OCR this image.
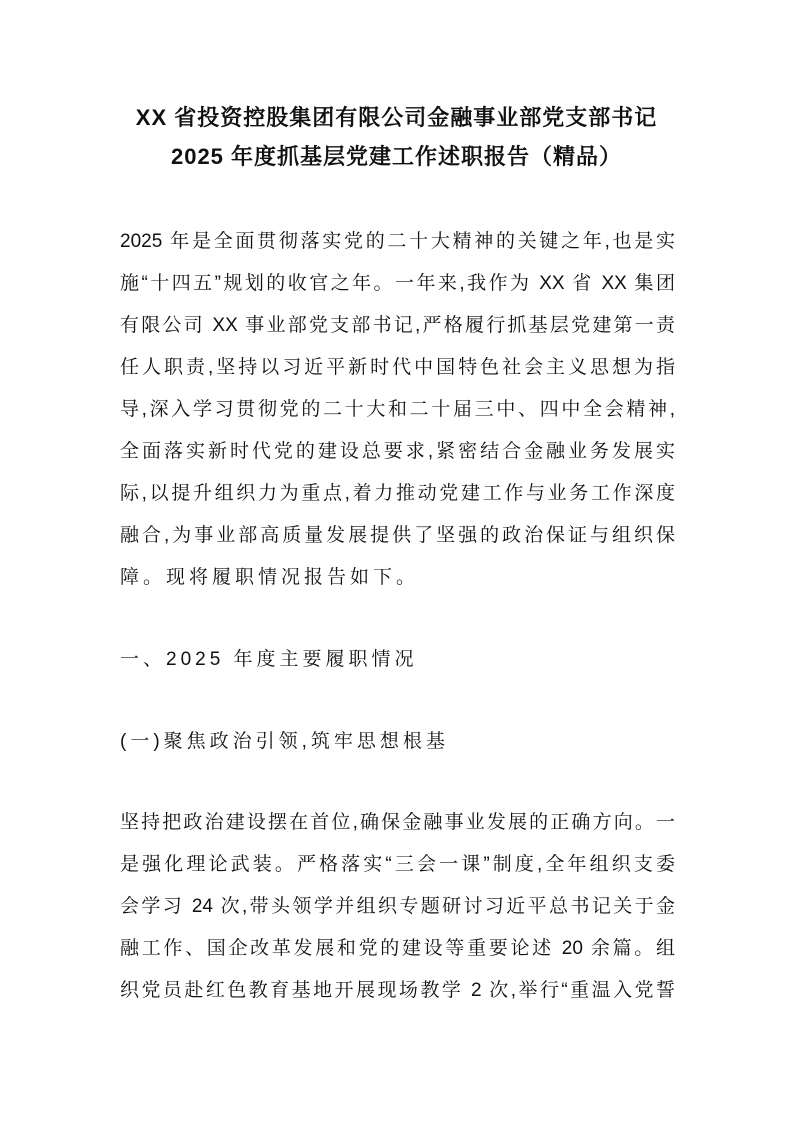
XX 省投资控股集团有限公司金融事业部党支部书记
2025 年度抓基层党建工作述职报告（精品）
2025 年是全面贯彻落实党的二十大精神的关键之年,也是实
施“十四五”规划的收官之年。一年来,我作为 XX 省 XX 集团
有限公司 XX 事业部党支部书记,严格履行抓基层党建第一责
任人职责,坚持以习近平新时代中国特色社会主义思想为指
导,深入学习贯彻党的二十大和二十届三中、四中全会精神,
全面落实新时代党的建设总要求,紧密结合金融业务发展实
际,以提升组织力为重点,着力推动党建工作与业务工作深度
融合,为事业部高质量发展提供了坚强的政治保证与组织保
障。现将履职情况报告如下。
一、2025 年度主要履职情况
(一)聚焦政治引领,筑牢思想根基
坚持把政治建设摆在首位,确保金融事业发展的正确方向。一
是强化理论武装。严格落实“三会一课”制度,全年组织支委
会学习 24 次,带头领学并组织专题研讨习近平总书记关于金
融工作、国企改革发展和党的建设等重要论述 20 余篇。组
织党员赴红色教育基地开展现场教学 2 次,举行“重温入党誓
